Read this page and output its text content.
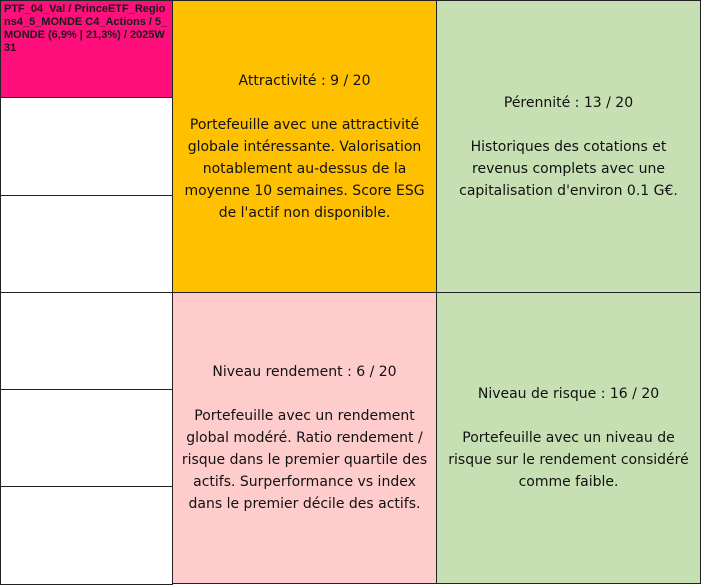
PTF_04_Val / PrinceETF_Regions4_5_MONDE C4_Actions / 5_MONDE (6,9% | 21,3%) / 2025W31
Attractivité : 9 / 20
Portefeuille avec une attractivité globale intéressante. Valorisation notablement au-dessus de la moyenne 10 semaines. Score ESG de l'actif non disponible.
Pérennité : 13 / 20
Historiques des cotations et revenus complets avec une capitalisation d'environ 0.1 G€.
Niveau rendement : 6 / 20
Portefeuille avec un rendement global modéré. Ratio rendement / risque dans le premier quartile des actifs. Surperformance vs index dans le premier décile des actifs.
Niveau de risque : 16 / 20
Portefeuille avec un niveau de risque sur le rendement considéré comme faible.
